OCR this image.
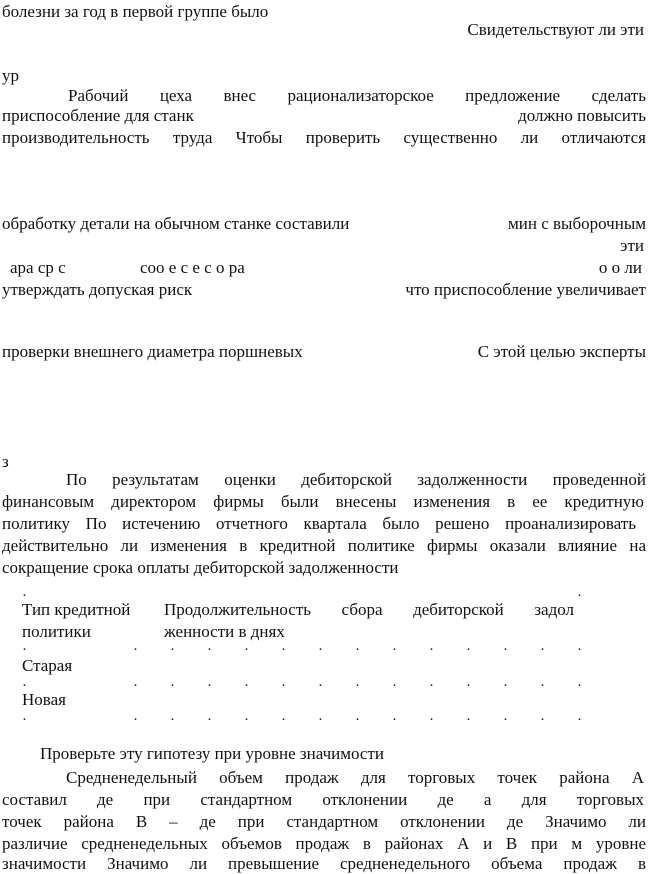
болезни за год в первой группе было
Свидетельствуют ли эти
ур
Рабочий цеха внес рационализаторское предложение сделать
приспособление для станк	должно повысить
производительность труда Чтобы проверить существенно ли отличаются
обработку детали на обычном станке составили	мин с выборочным
эти
ара ср с	соо е с е с о ра	о о ли
утверждать допуская риск	что приспособление увеличивает
проверки внешнего диаметра поршневых	С этой целью эксперты
з
По результатам оценки дебиторской задолженности проведенной
финансовым директором фирмы были внесены изменения в ее кредитную
политику По истечению отчетного квартала было решено проанализировать
действительно ли изменения в кредитной политике фирмы оказали влияние на
сокращение срока оплаты дебиторской задолженности
.	.
Тип кредитной
политики
Продолжительность сбора дебиторской задол
женности в днях
.	. . . . . . . . . . . . .
Старая
.	. . . . . . . . . . . . .
Новая
.	. . . . . . . . . . . . .
Проверьте эту гипотезу при уровне значимости
Средненедельный объем продаж для торговых точек района А
составил де при стандартном отклонении де а для торговых
точек района В – де при стандартном отклонении де Значимо ли
различие средненедельных объемов продаж в районах А и В при м уровне
значимости Значимо ли превышение средненедельного объема продаж в
